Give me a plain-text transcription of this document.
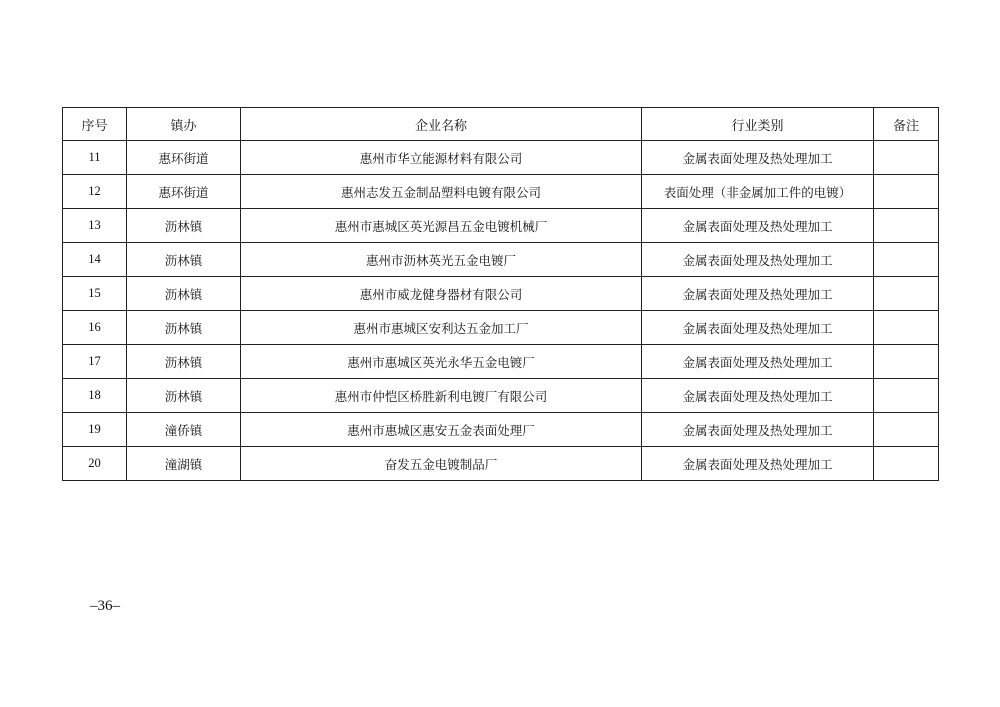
序号	镇办	企业名称	行业类别	备注
11	惠环街道	惠州市华立能源材料有限公司	金属表面处理及热处理加工	
12	惠环街道	惠州志发五金制品塑料电镀有限公司	表面处理（非金属加工件的电镀）	
13	沥林镇	惠州市惠城区英光源昌五金电镀机械厂	金属表面处理及热处理加工	
14	沥林镇	惠州市沥林英光五金电镀厂	金属表面处理及热处理加工	
15	沥林镇	惠州市威龙健身器材有限公司	金属表面处理及热处理加工	
16	沥林镇	惠州市惠城区安利达五金加工厂	金属表面处理及热处理加工	
17	沥林镇	惠州市惠城区英光永华五金电镀厂	金属表面处理及热处理加工	
18	沥林镇	惠州市仲恺区桥胜新利电镀厂有限公司	金属表面处理及热处理加工	
19	潼侨镇	惠州市惠城区惠安五金表面处理厂	金属表面处理及热处理加工	
20	潼湖镇	奋发五金电镀制品厂	金属表面处理及热处理加工	
–36–
